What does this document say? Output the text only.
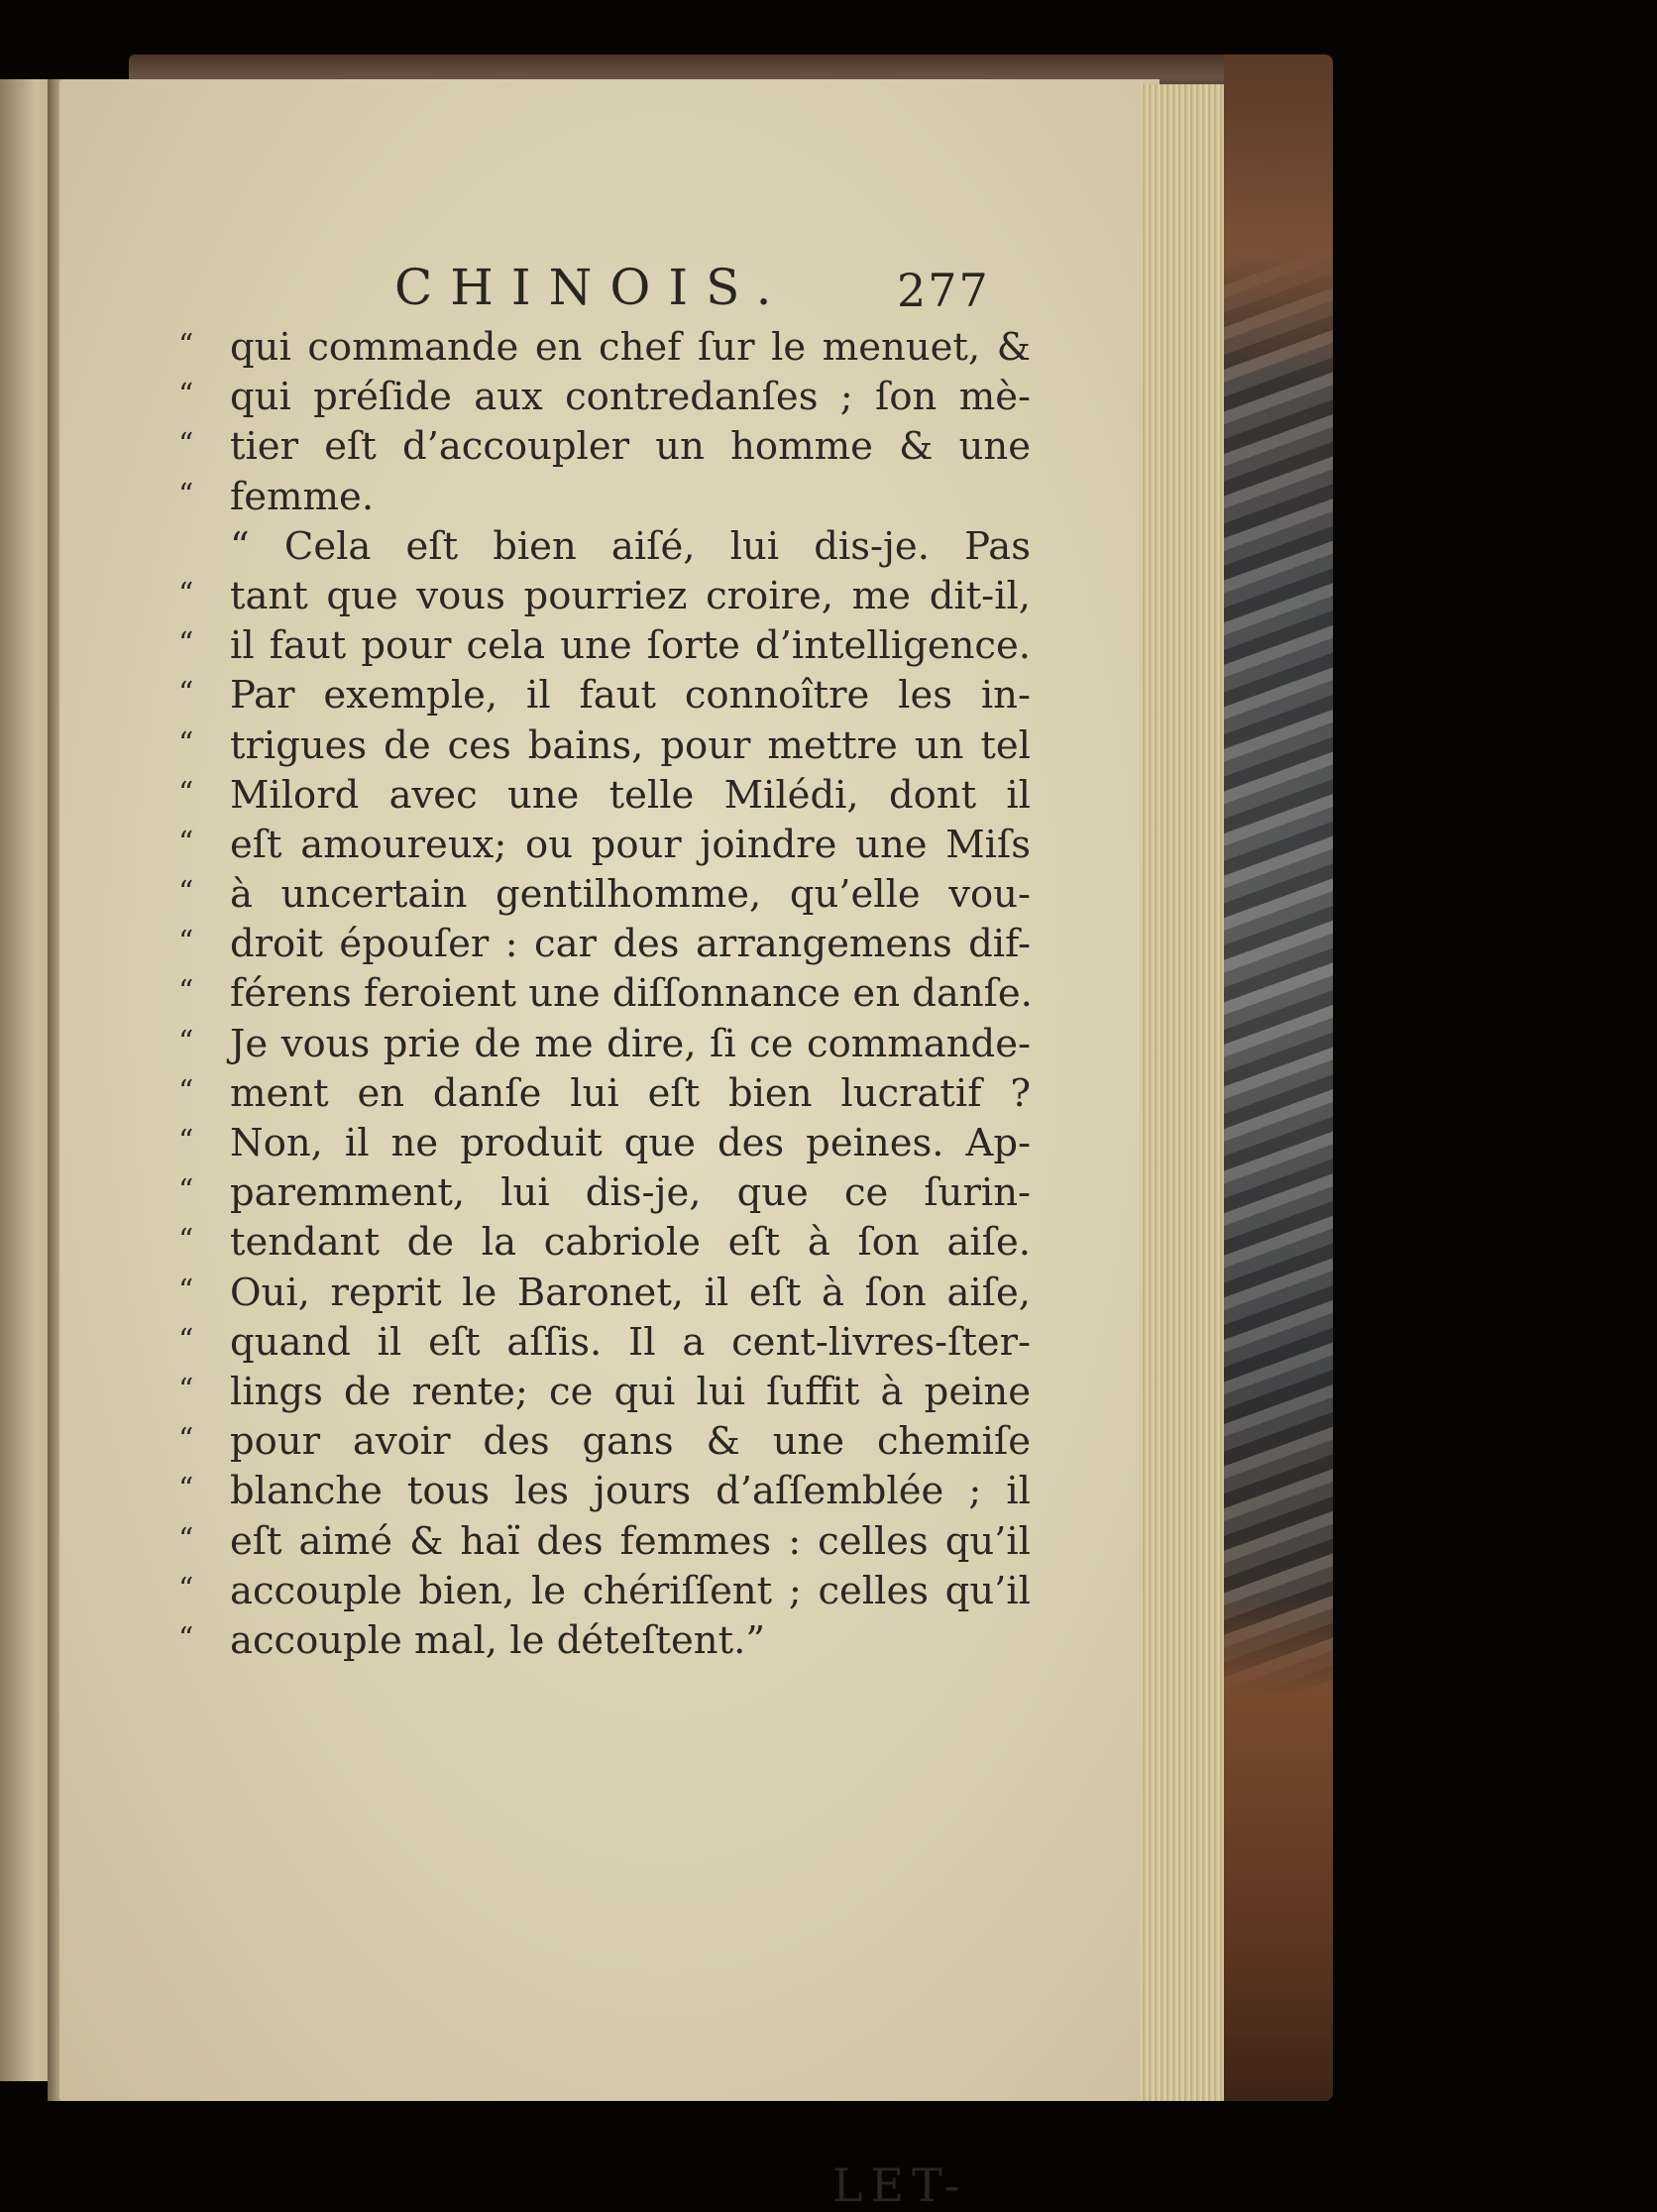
CHINOIS.	277
“ qui commande en chef ſur le menuet, &
“ qui préſide aux contredanſes ; ſon mè-
“ tier eſt d’accoupler un homme & une
“ femme.
“ Cela eſt bien aiſé, lui dis-je. Pas
“ tant que vous pourriez croire, me dit-il,
“ il faut pour cela une ſorte d’intelligence.
“ Par exemple, il faut connoître les in-
“ trigues de ces bains, pour mettre un tel
“ Milord avec une telle Milédi, dont il
“ eſt amoureux; ou pour joindre une Miſs
“ à uncertain gentilhomme, qu’elle vou-
“ droit épouſer : car des arrangemens dif-
“ férens feroient une diſſonnance en danſe.
“ Je vous prie de me dire, ſi ce commande-
“ ment en danſe lui eſt bien lucratif ?
“ Non, il ne produit que des peines. Ap-
“ paremment, lui dis-je, que ce ſurin-
“ tendant de la cabriole eſt à ſon aiſe.
“ Oui, reprit le Baronet, il eſt à ſon aiſe,
“ quand il eſt aſſis. Il a cent-livres-ſter-
“ lings de rente; ce qui lui ſuffit à peine
“ pour avoir des gans & une chemiſe
“ blanche tous les jours d’aſſemblée ; il
“ eſt aimé & haï des femmes : celles qu’il
“ accouple bien, le chériſſent ; celles qu’il
“ accouple mal, le déteſtent.”
LET-
